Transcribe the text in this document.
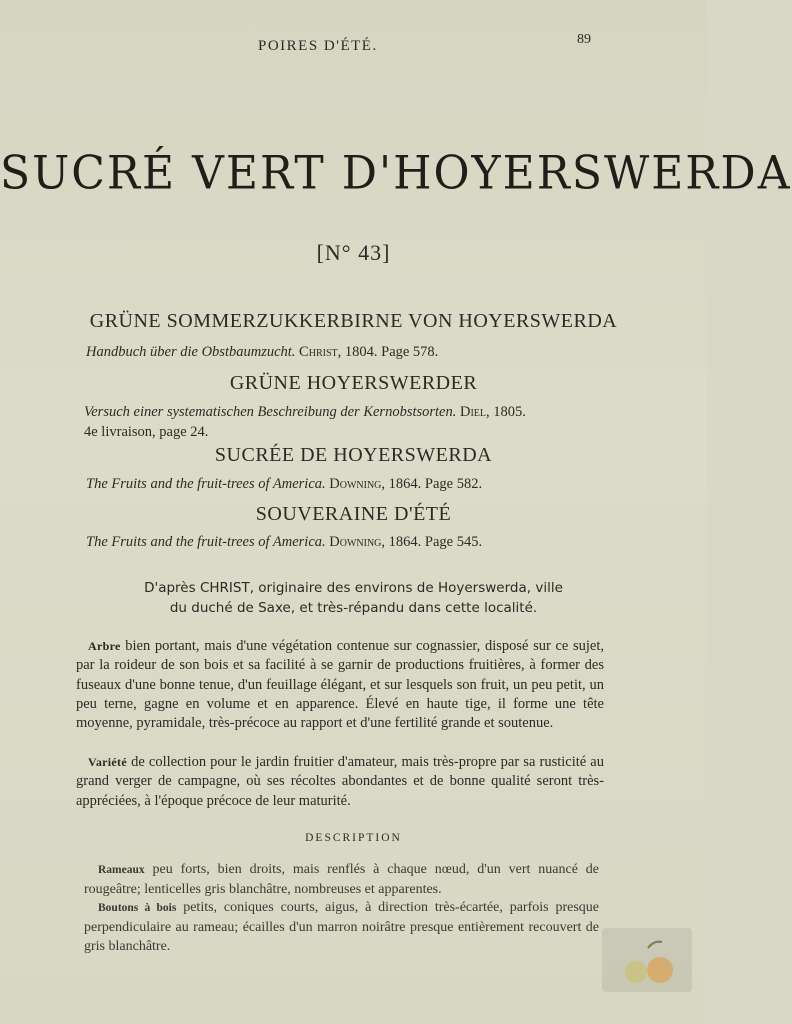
POIRES D'ÉTÉ.	89
SUCRÉ VERT D'HOYERSWERDA
[N° 43]
GRÜNE SOMMERZUKKERBIRNE VON HOYERSWERDA
Handbuch über die Obstbaumzucht. Christ, 1804. Page 578.
GRÜNE HOYERSWERDER
Versuch einer systematischen Beschreibung der Kernobstsorten. Diel, 1805.
4e livraison, page 24.
SUCRÉE DE HOYERSWERDA
The Fruits and the fruit-trees of America. Downing, 1864. Page 582.
SOUVERAINE D'ÉTÉ
The Fruits and the fruit-trees of America. Downing, 1864. Page 545.
D'après CHRIST, originaire des environs de Hoyerswerda, ville
du duché de Saxe, et très-répandu dans cette localité.
Arbre bien portant, mais d'une végétation contenue sur cognassier, disposé sur ce sujet, par la roideur de son bois et sa facilité à se garnir de productions fruitières, à former des fuseaux d'une bonne tenue, d'un feuillage élégant, et sur lesquels son fruit, un peu petit, un peu terne, gagne en volume et en apparence. Élevé en haute tige, il forme une tête moyenne, pyramidale, très-précoce au rapport et d'une fertilité grande et soutenue.
Variété de collection pour le jardin fruitier d'amateur, mais très-propre par sa rusticité au grand verger de campagne, où ses récoltes abondantes et de bonne qualité seront très-appréciées, à l'époque précoce de leur maturité.
DESCRIPTION
Rameaux peu forts, bien droits, mais renflés à chaque nœud, d'un vert nuancé de rougeâtre; lenticelles gris blanchâtre, nombreuses et apparentes.
Boutons à bois petits, coniques courts, aigus, à direction très-écartée, parfois presque perpendiculaire au rameau; écailles d'un marron noirâtre presque entièrement recouvert de gris blanchâtre.
